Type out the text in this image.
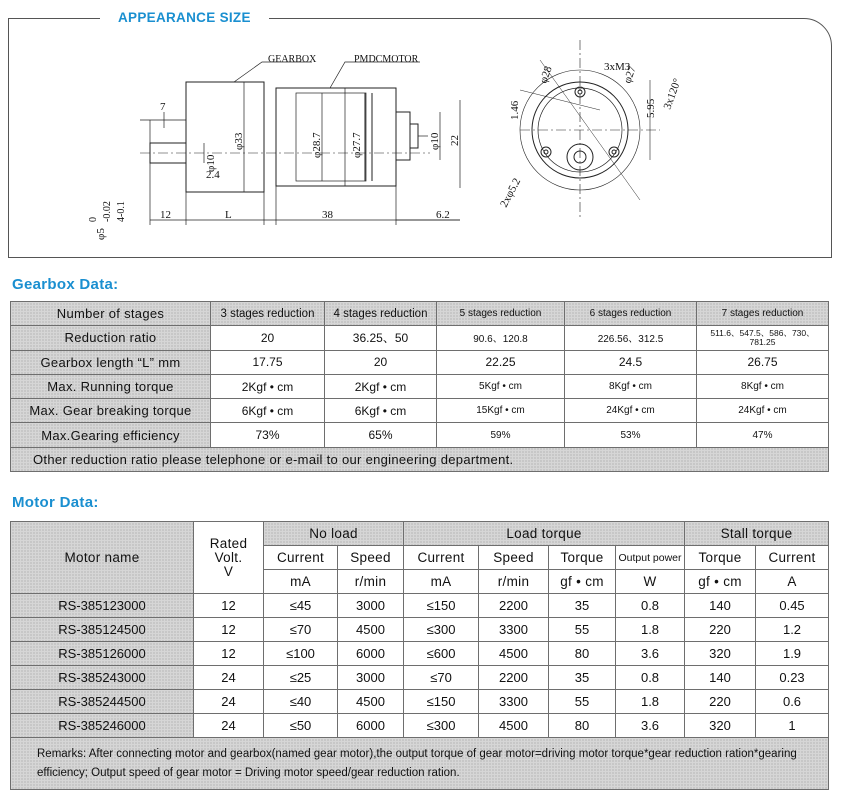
APPEARANCE SIZE
GEARBOX	PMDCMOTOR
7
2.4
12	L	38	6.2
3xM3
φ10
φ33	φ28.7	φ27.7	φ10 22
φ5
0 -0.02 4-0.1
φ28	φ27
3x120°
1.46	5.95
2xφ5.2
Gearbox Data:
Number of stages	3 stages reduction	4 stages reduction	5 stages reduction	6 stages reduction	7 stages reduction
Reduction ratio	20	36.25、50	90.6、120.8	226.56、312.5	511.6、547.5、586、730、781.25
Gearbox length “L” mm	17.75	20	22.25	24.5	26.75
Max. Running torque	2Kgf • cm	2Kgf • cm	5Kgf • cm	8Kgf • cm	8Kgf • cm
Max. Gear breaking torque	6Kgf • cm	6Kgf • cm	15Kgf • cm	24Kgf • cm	24Kgf • cm
Max.Gearing efficiency	73%	65%	59%	53%	47%
Other reduction ratio please telephone or e-mail to our engineering department.					
Motor Data:
Motor name	Rated
Volt.
V	No load		Load torque				Stall torque	
		Current	Speed	Current	Speed	Torque	Output power	Torque	Current
		mA	r/min	mA	r/min	gf • cm	W	gf • cm	A
RS-385123000	12	≤45	3000	≤150	2200	35	0.8	140	0.45
RS-385124500	12	≤70	4500	≤300	3300	55	1.8	220	1.2
RS-385126000	12	≤100	6000	≤600	4500	80	3.6	320	1.9
RS-385243000	24	≤25	3000	≤70	2200	35	0.8	140	0.23
RS-385244500	24	≤40	4500	≤150	3300	55	1.8	220	0.6
RS-385246000	24	≤50	6000	≤300	4500	80	3.6	320	1
Remarks: After connecting motor and gearbox(named gear motor),the output torque of gear motor=driving motor torque*gear reduction ration*gearing efficiency; Output speed of gear motor = Driving motor speed/gear reduction ration.									
